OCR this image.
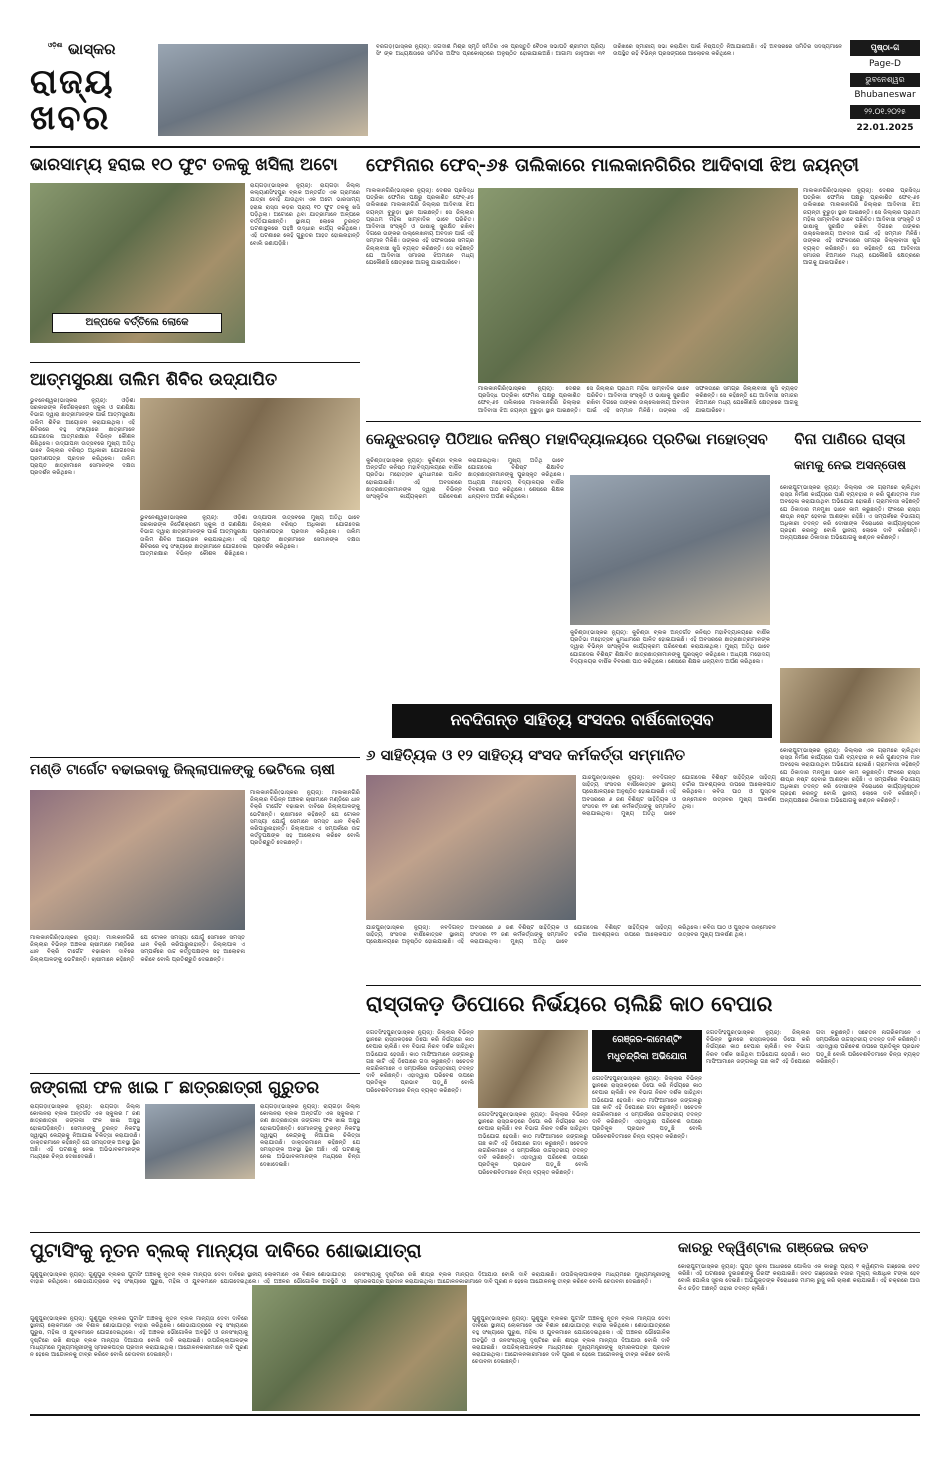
ଓଡ଼ିଶା ଭାସ୍କର
ରାଜ୍ୟ
ଖବର
ବରଗଡ଼(ଭାସ୍କର ନ୍ୟୁଜ୍): ଜଗଦୀଶ ମିଶ୍ର ସ୍ମୃତି ସମିତିର ଏକ ପ୍ରସ୍ତୁତି ବୈଠକ ସଭାପତି ଶ୍ରୀମତୀ ପ୍ରିୟା ସିଂ ଙ୍କ ଅଧ୍ୟକ୍ଷତାରେ ସମିତିର ଅଫିସ ପ୍ରକୋଷ୍ଠରେ ଅନୁଷ୍ଠିତ ହୋଇଯାଇଅଛି। ଆଗାମୀ ଜାନୁଆରୀ ୩୧ ତାରିଖରେ ସ୍ମାରୀୟ ସଭା କରାଯିବା ପାଇଁ ନିଷ୍ପତ୍ତି ନିଆଯାଇଅଛି। ଏହି ଅବସରରେ ସମିତିର ସଦସ୍ୟମାନେ ଉପସ୍ଥିତ ରହି ବିଭିନ୍ନ ପ୍ରସଙ୍ଗରେ ଆଲୋଚନା କରିଥିଲେ।
ପୃଷ୍ଠା-ଗ
Page-D
ଭୁବନେଶ୍ୱର
Bhubaneswar
୨୨.୦୧.୨୦୨୫
22.01.2025
ଭାରସାମ୍ୟ ହରାଇ ୧୦ ଫୁଟ ତଳକୁ ଖସିଲା ଅଟୋ
ଅଳ୍ପକେ ବର୍ତ୍ତିଲେ ଲୋକେ
ରାୟଗଡ଼ା(ଭାସ୍କର ନ୍ୟୁଜ୍): ରାୟଗଡ଼ା ଜିଲ୍ଲା କଲ୍ୟାଣସିଂହପୁର ବ୍ଲକ ଅନ୍ତର୍ଗତ ଏକ ଗ୍ରାମରେ ଯାତ୍ରୀ ବୋହି ଯାଉଥିବା ଏକ ଅଟୋ ଭାରସାମ୍ୟ ହରାଇ ରାସ୍ତା କଡ଼ର ପ୍ରାୟ ୧୦ ଫୁଟ ତଳକୁ ଖସି ପଡ଼ିଥିଲା। ଅଟୋରେ ଥିବା ଯାତ୍ରୀମାନେ ଅଳ୍ପକେ ବର୍ତ୍ତିଯାଇଛନ୍ତି। ସ୍ଥାନୀୟ ଲୋକେ ତୁରନ୍ତ ଘଟଣାସ୍ଥଳରେ ପହଞ୍ଚି ଉଦ୍ଧାର କାର୍ଯ୍ୟ କରିଥିଲେ। ଏହି ଘଟଣାରେ କେହି ଗୁରୁତର ଆହତ ହୋଇନାହାନ୍ତି ବୋଲି ଜଣାପଡ଼ିଛି।
ଆତ୍ମସୁରକ୍ଷା ତାଲିମ ଶିବିର ଉଦ୍‌ଯାପିତ
ଭୁବନେଶ୍ୱର(ଭାସ୍କର ନ୍ୟୁଜ୍): ଓଡ଼ିଶା ସରକାରଙ୍କ ନିର୍ଦ୍ଦେଶକ୍ରମେ ସ୍କୁଲ ଓ ଗଣଶିକ୍ଷା ବିଭାଗ ଦ୍ୱାରା ଛାତ୍ରୀମାନଙ୍କ ପାଇଁ ଆତ୍ମସୁରକ୍ଷା ତାଲିମ ଶିବିର ଆୟୋଜନ କରାଯାଇଥିଲା। ଏହି ଶିବିରରେ ବହୁ ସଂଖ୍ୟାରେ ଛାତ୍ରୀମାନେ ଯୋଗଦେଇ ଆତ୍ମରକ୍ଷାର ବିଭିନ୍ନ କୌଶଳ ଶିଖିଥିଲେ। ଉଦ୍‌ଯାପନୀ ଉତ୍ସବରେ ମୁଖ୍ୟ ଅତିଥି ଭାବେ ଜିଲ୍ଲାର ବରିଷ୍ଠ ଅଧିକାରୀ ଯୋଗଦେଇ ପ୍ରମାଣପତ୍ର ପ୍ରଦାନ କରିଥିଲେ। ତାଲିମ ପ୍ରାପ୍ତ ଛାତ୍ରୀମାନେ ସେମାନଙ୍କ ଦକ୍ଷତା ପ୍ରଦର୍ଶନ କରିଥିଲେ।
ଭୁବନେଶ୍ୱର(ଭାସ୍କର ନ୍ୟୁଜ୍): ଓଡ଼ିଶା ସରକାରଙ୍କ ନିର୍ଦ୍ଦେଶକ୍ରମେ ସ୍କୁଲ ଓ ଗଣଶିକ୍ଷା ବିଭାଗ ଦ୍ୱାରା ଛାତ୍ରୀମାନଙ୍କ ପାଇଁ ଆତ୍ମସୁରକ୍ଷା ତାଲିମ ଶିବିର ଆୟୋଜନ କରାଯାଇଥିଲା। ଏହି ଶିବିରରେ ବହୁ ସଂଖ୍ୟାରେ ଛାତ୍ରୀମାନେ ଯୋଗଦେଇ ଆତ୍ମରକ୍ଷାର ବିଭିନ୍ନ କୌଶଳ ଶିଖିଥିଲେ। ଉଦ୍‌ଯାପନୀ ଉତ୍ସବରେ ମୁଖ୍ୟ ଅତିଥି ଭାବେ ଜିଲ୍ଲାର ବରିଷ୍ଠ ଅଧିକାରୀ ଯୋଗଦେଇ ପ୍ରମାଣପତ୍ର ପ୍ରଦାନ କରିଥିଲେ। ତାଲିମ ପ୍ରାପ୍ତ ଛାତ୍ରୀମାନେ ସେମାନଙ୍କ ଦକ୍ଷତା ପ୍ରଦର୍ଶନ କରିଥିଲେ।
ମଣ୍ଡି ଟାର୍ଗେଟ ବଢାଇବାକୁ ଜିଲ୍ଲାପାଳଙ୍କୁ ଭେଟିଲେ ଚାଷୀ
ମାଲକାନଗିରି(ଭାସ୍କର ନ୍ୟୁଜ୍): ମାଲକାନଗିରି ଜିଲ୍ଲାର ବିଭିନ୍ନ ଅଞ୍ଚଳର ଚାଷୀମାନେ ମଣ୍ଡିରେ ଧାନ ବିକ୍ରି ଟାର୍ଗେଟ ବଢାଇବା ଦାବିରେ ଜିଲ୍ଲାପାଳଙ୍କୁ ଭେଟିଛନ୍ତି। ଚାଷୀମାନେ କହିଛନ୍ତି ଯେ ଟୋକନ ସମସ୍ୟା ଯୋଗୁଁ ସେମାନେ ସମସ୍ତ ଧାନ ବିକ୍ରି କରିପାରୁନାହାନ୍ତି। ଜିଲ୍ଲାପାଳ ଏ ସମ୍ପର୍କରେ ଉଚ୍ଚ କର୍ତ୍ତୃପକ୍ଷଙ୍କ ସହ ଆଲୋଚନା କରିବେ ବୋଲି ପ୍ରତିଶ୍ରୁତି ଦେଇଛନ୍ତି।
ମାଲକାନଗିରି(ଭାସ୍କର ନ୍ୟୁଜ୍): ମାଲକାନଗିରି ଜିଲ୍ଲାର ବିଭିନ୍ନ ଅଞ୍ଚଳର ଚାଷୀମାନେ ମଣ୍ଡିରେ ଧାନ ବିକ୍ରି ଟାର୍ଗେଟ ବଢାଇବା ଦାବିରେ ଜିଲ୍ଲାପାଳଙ୍କୁ ଭେଟିଛନ୍ତି। ଚାଷୀମାନେ କହିଛନ୍ତି ଯେ ଟୋକନ ସମସ୍ୟା ଯୋଗୁଁ ସେମାନେ ସମସ୍ତ ଧାନ ବିକ୍ରି କରିପାରୁନାହାନ୍ତି। ଜିଲ୍ଲାପାଳ ଏ ସମ୍ପର୍କରେ ଉଚ୍ଚ କର୍ତ୍ତୃପକ୍ଷଙ୍କ ସହ ଆଲୋଚନା କରିବେ ବୋଲି ପ୍ରତିଶ୍ରୁତି ଦେଇଛନ୍ତି।
ଜଙ୍ଗଲୀ ଫଳ ଖାଇ ୮ ଛାତ୍ରଛାତ୍ରୀ ଗୁରୁତର
ରାୟଗଡ଼ା(ଭାସ୍କର ନ୍ୟୁଜ୍): ରାୟଗଡ଼ା ଜିଲ୍ଲା କୋଲନରା ବ୍ଲକ ଅନ୍ତର୍ଗତ ଏକ ସ୍କୁଲର ୮ ଜଣ ଛାତ୍ରଛାତ୍ରୀ ଜଙ୍ଗଲୀ ଫଳ ଖାଇ ଅସୁସ୍ଥ ହୋଇପଡ଼ିଛନ୍ତି। ସେମାନଙ୍କୁ ତୁରନ୍ତ ନିକଟସ୍ଥ ସ୍ୱାସ୍ଥ୍ୟ କେନ୍ଦ୍ରକୁ ନିଆଯାଇ ଚିକିତ୍ସା କରାଯାଉଛି। ଡାକ୍ତରମାନେ କହିଛନ୍ତି ଯେ ସମସ୍ତଙ୍କ ଅବସ୍ଥା ସ୍ଥିର ଅଛି। ଏହି ଘଟଣାକୁ ନେଇ ଅଭିଭାବକମାନଙ୍କ ମଧ୍ୟରେ ଚିନ୍ତା ଦେଖାଦେଇଛି।
ରାୟଗଡ଼ା(ଭାସ୍କର ନ୍ୟୁଜ୍): ରାୟଗଡ଼ା ଜିଲ୍ଲା କୋଲନରା ବ୍ଲକ ଅନ୍ତର୍ଗତ ଏକ ସ୍କୁଲର ୮ ଜଣ ଛାତ୍ରଛାତ୍ରୀ ଜଙ୍ଗଲୀ ଫଳ ଖାଇ ଅସୁସ୍ଥ ହୋଇପଡ଼ିଛନ୍ତି। ସେମାନଙ୍କୁ ତୁରନ୍ତ ନିକଟସ୍ଥ ସ୍ୱାସ୍ଥ୍ୟ କେନ୍ଦ୍ରକୁ ନିଆଯାଇ ଚିକିତ୍ସା କରାଯାଉଛି। ଡାକ୍ତରମାନେ କହିଛନ୍ତି ଯେ ସମସ୍ତଙ୍କ ଅବସ୍ଥା ସ୍ଥିର ଅଛି। ଏହି ଘଟଣାକୁ ନେଇ ଅଭିଭାବକମାନଙ୍କ ମଧ୍ୟରେ ଚିନ୍ତା ଦେଖାଦେଇଛି।
ଫେମିନାର ଫେବ୍-୬୫ ତାଲିକାରେ ମାଲକାନଗିରିର ଆଦିବାସୀ ଝିଅ ଜୟନ୍ତୀ
ମାଲକାନଗିରି(ଭାସ୍କର ନ୍ୟୁଜ୍): ଦେଶର ପ୍ରସିଦ୍ଧ ପତ୍ରିକା ଫେମିନା ପକ୍ଷରୁ ପ୍ରକାଶିତ ଫେବ୍-୬୫ ତାଲିକାରେ ମାଲକାନଗିରି ଜିଲ୍ଲାର ଆଦିବାସୀ ଝିଅ ଜୟନ୍ତୀ ବୁରୁଡ଼ା ସ୍ଥାନ ପାଇଛନ୍ତି। ସେ ଜିଲ୍ଲାର ପ୍ରଥମ ମହିଳା ସାମ୍ବାଦିକ ଭାବେ ପରିଚିତ। ଆଦିବାସୀ ସଂସ୍କୃତି ଓ ଭାଷାକୁ ସୁରକ୍ଷିତ ରଖିବା ଦିଗରେ ତାଙ୍କର ଉଲ୍ଲେଖନୀୟ ଅବଦାନ ପାଇଁ ଏହି ସମ୍ମାନ ମିଳିଛି। ତାଙ୍କର ଏହି ସଫଳତାରେ ସମଗ୍ର ଜିଲ୍ଲାବାସୀ ଖୁସି ବ୍ୟକ୍ତ କରିଛନ୍ତି। ସେ କହିଛନ୍ତି ଯେ ଆଦିବାସୀ ସମାଜର ଝିଅମାନେ ମଧ୍ୟ ଯେକୌଣସି କ୍ଷେତ୍ରରେ ଆଗକୁ ଯାଇପାରିବେ।
ମାଲକାନଗିରି(ଭାସ୍କର ନ୍ୟୁଜ୍): ଦେଶର ପ୍ରସିଦ୍ଧ ପତ୍ରିକା ଫେମିନା ପକ୍ଷରୁ ପ୍ରକାଶିତ ଫେବ୍-୬୫ ତାଲିକାରେ ମାଲକାନଗିରି ଜିଲ୍ଲାର ଆଦିବାସୀ ଝିଅ ଜୟନ୍ତୀ ବୁରୁଡ଼ା ସ୍ଥାନ ପାଇଛନ୍ତି। ସେ ଜିଲ୍ଲାର ପ୍ରଥମ ମହିଳା ସାମ୍ବାଦିକ ଭାବେ ପରିଚିତ। ଆଦିବାସୀ ସଂସ୍କୃତି ଓ ଭାଷାକୁ ସୁରକ୍ଷିତ ରଖିବା ଦିଗରେ ତାଙ୍କର ଉଲ୍ଲେଖନୀୟ ଅବଦାନ ପାଇଁ ଏହି ସମ୍ମାନ ମିଳିଛି। ତାଙ୍କର ଏହି ସଫଳତାରେ ସମଗ୍ର ଜିଲ୍ଲାବାସୀ ଖୁସି ବ୍ୟକ୍ତ କରିଛନ୍ତି। ସେ କହିଛନ୍ତି ଯେ ଆଦିବାସୀ ସମାଜର ଝିଅମାନେ ମଧ୍ୟ ଯେକୌଣସି କ୍ଷେତ୍ରରେ ଆଗକୁ ଯାଇପାରିବେ।
ମାଲକାନଗିରି(ଭାସ୍କର ନ୍ୟୁଜ୍): ଦେଶର ପ୍ରସିଦ୍ଧ ପତ୍ରିକା ଫେମିନା ପକ୍ଷରୁ ପ୍ରକାଶିତ ଫେବ୍-୬୫ ତାଲିକାରେ ମାଲକାନଗିରି ଜିଲ୍ଲାର ଆଦିବାସୀ ଝିଅ ଜୟନ୍ତୀ ବୁରୁଡ଼ା ସ୍ଥାନ ପାଇଛନ୍ତି। ସେ ଜିଲ୍ଲାର ପ୍ରଥମ ମହିଳା ସାମ୍ବାଦିକ ଭାବେ ପରିଚିତ। ଆଦିବାସୀ ସଂସ୍କୃତି ଓ ଭାଷାକୁ ସୁରକ୍ଷିତ ରଖିବା ଦିଗରେ ତାଙ୍କର ଉଲ୍ଲେଖନୀୟ ଅବଦାନ ପାଇଁ ଏହି ସମ୍ମାନ ମିଳିଛି। ତାଙ୍କର ଏହି ସଫଳତାରେ ସମଗ୍ର ଜିଲ୍ଲାବାସୀ ଖୁସି ବ୍ୟକ୍ତ କରିଛନ୍ତି। ସେ କହିଛନ୍ତି ଯେ ଆଦିବାସୀ ସମାଜର ଝିଅମାନେ ମଧ୍ୟ ଯେକୌଣସି କ୍ଷେତ୍ରରେ ଆଗକୁ ଯାଇପାରିବେ।
କେନ୍ଦୁଝରଗଡ଼ ପିଠିଆର କନିଷ୍ଠ ମହାବିଦ୍ୟାଳୟରେ ପ୍ରତିଭା ମହୋତ୍ସବ
କୁଚିଣ୍ଡା(ଭାସ୍କର ନ୍ୟୁଜ୍): କୁଚିଣ୍ଡା ବ୍ଲକ ଅନ୍ତର୍ଗତ କନିଷ୍ଠ ମହାବିଦ୍ୟାଳୟରେ ବାର୍ଷିକ ପ୍ରତିଭା ମହୋତ୍ସବ ଧୁମଧାମରେ ପାଳିତ ହୋଇଯାଇଛି। ଏହି ଅବସରରେ ଛାତ୍ରଛାତ୍ରୀମାନଙ୍କ ଦ୍ୱାରା ବିଭିନ୍ନ ସାଂସ୍କୃତିକ କାର୍ଯ୍ୟକ୍ରମ ପରିବେଷଣ କରାଯାଇଥିଲା। ମୁଖ୍ୟ ଅତିଥି ଭାବେ ଯୋଗଦେଇ ବିଶିଷ୍ଟ ଶିକ୍ଷାବିତ ଛାତ୍ରଛାତ୍ରୀମାନଙ୍କୁ ପୁରସ୍କୃତ କରିଥିଲେ। ଅଧ୍ୟକ୍ଷ ମହୋଦୟ ବିଦ୍ୟାଳୟର ବାର୍ଷିକ ବିବରଣୀ ପାଠ କରିଥିଲେ। ଶେଷରେ ଶିକ୍ଷକ ଧନ୍ୟବାଦ ଅର୍ପଣ କରିଥିଲେ।
କୁଚିଣ୍ଡା(ଭାସ୍କର ନ୍ୟୁଜ୍): କୁଚିଣ୍ଡା ବ୍ଲକ ଅନ୍ତର୍ଗତ କନିଷ୍ଠ ମହାବିଦ୍ୟାଳୟରେ ବାର୍ଷିକ ପ୍ରତିଭା ମହୋତ୍ସବ ଧୁମଧାମରେ ପାଳିତ ହୋଇଯାଇଛି। ଏହି ଅବସରରେ ଛାତ୍ରଛାତ୍ରୀମାନଙ୍କ ଦ୍ୱାରା ବିଭିନ୍ନ ସାଂସ୍କୃତିକ କାର୍ଯ୍ୟକ୍ରମ ପରିବେଷଣ କରାଯାଇଥିଲା। ମୁଖ୍ୟ ଅତିଥି ଭାବେ ଯୋଗଦେଇ ବିଶିଷ୍ଟ ଶିକ୍ଷାବିତ ଛାତ୍ରଛାତ୍ରୀମାନଙ୍କୁ ପୁରସ୍କୃତ କରିଥିଲେ। ଅଧ୍ୟକ୍ଷ ମହୋଦୟ ବିଦ୍ୟାଳୟର ବାର୍ଷିକ ବିବରଣୀ ପାଠ କରିଥିଲେ। ଶେଷରେ ଶିକ୍ଷକ ଧନ୍ୟବାଦ ଅର୍ପଣ କରିଥିଲେ।
ବିନା ପାଣିରେ ରାସ୍ତା
କାମକୁ ନେଇ ଅସନ୍ତୋଷ
କୋରାପୁଟ(ଭାସ୍କର ନ୍ୟୁଜ୍): ଜିଲ୍ଲାର ଏକ ଗ୍ରାମରେ ଚାଲିଥିବା ରାସ୍ତା ନିର୍ମାଣ କାର୍ଯ୍ୟରେ ପାଣି ବ୍ୟବହାର ନ କରି ଗୁଣାତ୍ମକ ମାନ ଅବହେଳା କରାଯାଉଥିବା ଅଭିଯୋଗ ହୋଇଛି। ଗ୍ରାମବାସୀ କହିଛନ୍ତି ଯେ ଠିକାଦାର ମନମୁଖୀ ଭାବେ କାମ କରୁଛନ୍ତି। ଫଳରେ ରାସ୍ତା ଶୀଘ୍ର ନଷ୍ଟ ହେବାର ଆଶଙ୍କା ରହିଛି। ଏ ସମ୍ପର୍କରେ ବିଭାଗୀୟ ଅଧିକାରୀ ତଦନ୍ତ କରି ଦୋଷୀଙ୍କ ବିରୋଧରେ କାର୍ଯ୍ୟାନୁଷ୍ଠାନ ଗ୍ରହଣ କରନ୍ତୁ ବୋଲି ସ୍ଥାନୀୟ ଲୋକେ ଦାବି କରିଛନ୍ତି। ଅନ୍ୟପକ୍ଷରେ ଠିକାଦାର ଅଭିଯୋଗକୁ ଖଣ୍ଡନ କରିଛନ୍ତି।
ନବଦିଗନ୍ତ ସାହିତ୍ୟ ସଂସଦର ବାର୍ଷିକୋତ୍ସବ
୬ ସାହିତ୍ୟିକ ଓ ୧୨ ସାହିତ୍ୟ ସଂସଦ କର୍ମକର୍ତ୍ତା ସମ୍ମାନିତ
ଯାଜପୁର(ଭାସ୍କର ନ୍ୟୁଜ୍): ନବଦିଗନ୍ତ ସାହିତ୍ୟ ସଂସଦର ବାର୍ଷିକୋତ୍ସବ ସ୍ଥାନୀୟ ପ୍ରେକ୍ଷାଳୟରେ ଅନୁଷ୍ଠିତ ହୋଇଯାଇଛି। ଏହି ଅବସରରେ ୬ ଜଣ ବିଶିଷ୍ଟ ସାହିତ୍ୟିକ ଓ ସଂସଦର ୧୨ ଜଣ କର୍ମକର୍ତ୍ତାଙ୍କୁ ସମ୍ମାନିତ କରାଯାଇଥିଲା। ମୁଖ୍ୟ ଅତିଥି ଭାବେ ଯୋଗଦେଇ ବିଶିଷ୍ଟ ସାହିତ୍ୟିକ ସାହିତ୍ୟ ଚର୍ଚ୍ଚାର ଆବଶ୍ୟକତା ଉପରେ ଆଲୋକପାତ କରିଥିଲେ। କବିତା ପାଠ ଓ ପୁସ୍ତକ ଉନ୍ମୋଚନ ଉତ୍ସବର ମୁଖ୍ୟ ଆକର୍ଷଣ ଥିଲା।
ଯାଜପୁର(ଭାସ୍କର ନ୍ୟୁଜ୍): ନବଦିଗନ୍ତ ସାହିତ୍ୟ ସଂସଦର ବାର୍ଷିକୋତ୍ସବ ସ୍ଥାନୀୟ ପ୍ରେକ୍ଷାଳୟରେ ଅନୁଷ୍ଠିତ ହୋଇଯାଇଛି। ଏହି ଅବସରରେ ୬ ଜଣ ବିଶିଷ୍ଟ ସାହିତ୍ୟିକ ଓ ସଂସଦର ୧୨ ଜଣ କର୍ମକର୍ତ୍ତାଙ୍କୁ ସମ୍ମାନିତ କରାଯାଇଥିଲା। ମୁଖ୍ୟ ଅତିଥି ଭାବେ ଯୋଗଦେଇ ବିଶିଷ୍ଟ ସାହିତ୍ୟିକ ସାହିତ୍ୟ ଚର୍ଚ୍ଚାର ଆବଶ୍ୟକତା ଉପରେ ଆଲୋକପାତ କରିଥିଲେ। କବିତା ପାଠ ଓ ପୁସ୍ତକ ଉନ୍ମୋଚନ ଉତ୍ସବର ମୁଖ୍ୟ ଆକର୍ଷଣ ଥିଲା।
କୋରାପୁଟ(ଭାସ୍କର ନ୍ୟୁଜ୍): ଜିଲ୍ଲାର ଏକ ଗ୍ରାମରେ ଚାଲିଥିବା ରାସ୍ତା ନିର୍ମାଣ କାର୍ଯ୍ୟରେ ପାଣି ବ୍ୟବହାର ନ କରି ଗୁଣାତ୍ମକ ମାନ ଅବହେଳା କରାଯାଉଥିବା ଅଭିଯୋଗ ହୋଇଛି। ଗ୍ରାମବାସୀ କହିଛନ୍ତି ଯେ ଠିକାଦାର ମନମୁଖୀ ଭାବେ କାମ କରୁଛନ୍ତି। ଫଳରେ ରାସ୍ତା ଶୀଘ୍ର ନଷ୍ଟ ହେବାର ଆଶଙ୍କା ରହିଛି। ଏ ସମ୍ପର୍କରେ ବିଭାଗୀୟ ଅଧିକାରୀ ତଦନ୍ତ କରି ଦୋଷୀଙ୍କ ବିରୋଧରେ କାର୍ଯ୍ୟାନୁଷ୍ଠାନ ଗ୍ରହଣ କରନ୍ତୁ ବୋଲି ସ୍ଥାନୀୟ ଲୋକେ ଦାବି କରିଛନ୍ତି। ଅନ୍ୟପକ୍ଷରେ ଠିକାଦାର ଅଭିଯୋଗକୁ ଖଣ୍ଡନ କରିଛନ୍ତି।
ରାସ୍ତାକଡ଼ ଡିପୋରେ ନିର୍ଭୟରେ ଚାଲିଛି କାଠ ବେପାର
ଜଗତସିଂହପୁର(ଭାସ୍କର ନ୍ୟୁଜ୍): ଜିଲ୍ଲାର ବିଭିନ୍ନ ସ୍ଥାନରେ ରାସ୍ତାକଡ଼ରେ ଡିପୋ କରି ନିର୍ଭୟରେ କାଠ ବେପାର ଚାଲିଛି। ବନ ବିଭାଗ ନିରବ ଦର୍ଶକ ସାଜିଥିବା ଅଭିଯୋଗ ହେଉଛି। କାଠ ମାଫିଆମାନେ ଜଙ୍ଗଲରୁ ଗଛ କାଟି ଏହି ଡିପୋରେ ଗଦା କରୁଛନ୍ତି। ସଚେତନ ନାଗରିକମାନେ ଏ ସମ୍ପର୍କରେ ଉଚ୍ଚସ୍ତରୀୟ ତଦନ୍ତ ଦାବି କରିଛନ୍ତି। ଏହାଦ୍ୱାରା ପରିବେଶ ଉପରେ ପ୍ରତିକୂଳ ପ୍ରଭାବ ପଡ଼ୁଛି ବୋଲି ପରିବେଶବିତମାନେ ଚିନ୍ତା ବ୍ୟକ୍ତ କରିଛନ୍ତି।
ଜଗତସିଂହପୁର(ଭାସ୍କର ନ୍ୟୁଜ୍): ଜିଲ୍ଲାର ବିଭିନ୍ନ ସ୍ଥାନରେ ରାସ୍ତାକଡ଼ରେ ଡିପୋ କରି ନିର୍ଭୟରେ କାଠ ବେପାର ଚାଲିଛି। ବନ ବିଭାଗ ନିରବ ଦର୍ଶକ ସାଜିଥିବା ଅଭିଯୋଗ ହେଉଛି। କାଠ ମାଫିଆମାନେ ଜଙ୍ଗଲରୁ ଗଛ କାଟି ଏହି ଡିପୋରେ ଗଦା କରୁଛନ୍ତି। ସଚେତନ ନାଗରିକମାନେ ଏ ସମ୍ପର୍କରେ ଉଚ୍ଚସ୍ତରୀୟ ତଦନ୍ତ ଦାବି କରିଛନ୍ତି। ଏହାଦ୍ୱାରା ପରିବେଶ ଉପରେ ପ୍ରତିକୂଳ ପ୍ରଭାବ ପଡ଼ୁଛି ବୋଲି ପରିବେଶବିତମାନେ ଚିନ୍ତା ବ୍ୟକ୍ତ କରିଛନ୍ତି।
ରେଞ୍ଜର-କାମେଣ୍ଟିଂ
ମଧୁଚନ୍ଦ୍ରିକା ଅଭିଯୋଗ
ଜଗତସିଂହପୁର(ଭାସ୍କର ନ୍ୟୁଜ୍): ଜିଲ୍ଲାର ବିଭିନ୍ନ ସ୍ଥାନରେ ରାସ୍ତାକଡ଼ରେ ଡିପୋ କରି ନିର୍ଭୟରେ କାଠ ବେପାର ଚାଲିଛି। ବନ ବିଭାଗ ନିରବ ଦର୍ଶକ ସାଜିଥିବା ଅଭିଯୋଗ ହେଉଛି। କାଠ ମାଫିଆମାନେ ଜଙ୍ଗଲରୁ ଗଛ କାଟି ଏହି ଡିପୋରେ ଗଦା କରୁଛନ୍ତି। ସଚେତନ ନାଗରିକମାନେ ଏ ସମ୍ପର୍କରେ ଉଚ୍ଚସ୍ତରୀୟ ତଦନ୍ତ ଦାବି କରିଛନ୍ତି। ଏହାଦ୍ୱାରା ପରିବେଶ ଉପରେ ପ୍ରତିକୂଳ ପ୍ରଭାବ ପଡ଼ୁଛି ବୋଲି ପରିବେଶବିତମାନେ ଚିନ୍ତା ବ୍ୟକ୍ତ କରିଛନ୍ତି।
ଜଗତସିଂହପୁର(ଭାସ୍କର ନ୍ୟୁଜ୍): ଜିଲ୍ଲାର ବିଭିନ୍ନ ସ୍ଥାନରେ ରାସ୍ତାକଡ଼ରେ ଡିପୋ କରି ନିର୍ଭୟରେ କାଠ ବେପାର ଚାଲିଛି। ବନ ବିଭାଗ ନିରବ ଦର୍ଶକ ସାଜିଥିବା ଅଭିଯୋଗ ହେଉଛି। କାଠ ମାଫିଆମାନେ ଜଙ୍ଗଲରୁ ଗଛ କାଟି ଏହି ଡିପୋରେ ଗଦା କରୁଛନ୍ତି। ସଚେତନ ନାଗରିକମାନେ ଏ ସମ୍ପର୍କରେ ଉଚ୍ଚସ୍ତରୀୟ ତଦନ୍ତ ଦାବି କରିଛନ୍ତି। ଏହାଦ୍ୱାରା ପରିବେଶ ଉପରେ ପ୍ରତିକୂଳ ପ୍ରଭାବ ପଡ଼ୁଛି ବୋଲି ପରିବେଶବିତମାନେ ଚିନ୍ତା ବ୍ୟକ୍ତ କରିଛନ୍ତି।
ପୁଟାସିଂକୁ ନୂତନ ବ୍ଲକ୍ ମାନ୍ୟତା ଦାବିରେ ଶୋଭାଯାତ୍ରା
ଗୁଣୁପୁର(ଭାସ୍କର ନ୍ୟୁଜ୍): ଗୁଣୁପୁର ବ୍ଲକର ପୁଟାସିଂ ଅଞ୍ଚଳକୁ ନୂତନ ବ୍ଲକ ମାନ୍ୟତା ଦେବା ଦାବିରେ ସ୍ଥାନୀୟ ଲୋକମାନେ ଏକ ବିଶାଳ ଶୋଭାଯାତ୍ରା ବାହାର କରିଥିଲେ। ଶୋଭାଯାତ୍ରାରେ ବହୁ ସଂଖ୍ୟାରେ ପୁରୁଷ, ମହିଳା ଓ ଯୁବକମାନେ ଯୋଗଦେଇଥିଲେ। ଏହି ଅଞ୍ଚଳର ଭୌଗୋଳିକ ଅବସ୍ଥିତି ଓ ଜନସଂଖ୍ୟାକୁ ଦୃଷ୍ଟିରେ ରଖି ଶୀଘ୍ର ବ୍ଲକ ମାନ୍ୟତା ଦିଆଯାଉ ବୋଲି ଦାବି କରାଯାଇଛି। ଉପଜିଲ୍ଲାପାଳଙ୍କ ମାଧ୍ୟମରେ ମୁଖ୍ୟମନ୍ତ୍ରୀଙ୍କୁ ସ୍ମାରକପତ୍ର ପ୍ରଦାନ କରାଯାଇଥିଲା। ଆନ୍ଦୋଳନକାରୀମାନେ ଦାବି ପୂରଣ ନ ହେଲେ ଆନ୍ଦୋଳନକୁ ତୀବ୍ର କରିବେ ବୋଲି ଚେତାବନୀ ଦେଇଛନ୍ତି।
ଗୁଣୁପୁର(ଭାସ୍କର ନ୍ୟୁଜ୍): ଗୁଣୁପୁର ବ୍ଲକର ପୁଟାସିଂ ଅଞ୍ଚଳକୁ ନୂତନ ବ୍ଲକ ମାନ୍ୟତା ଦେବା ଦାବିରେ ସ୍ଥାନୀୟ ଲୋକମାନେ ଏକ ବିଶାଳ ଶୋଭାଯାତ୍ରା ବାହାର କରିଥିଲେ। ଶୋଭାଯାତ୍ରାରେ ବହୁ ସଂଖ୍ୟାରେ ପୁରୁଷ, ମହିଳା ଓ ଯୁବକମାନେ ଯୋଗଦେଇଥିଲେ। ଏହି ଅଞ୍ଚଳର ଭୌଗୋଳିକ ଅବସ୍ଥିତି ଓ ଜନସଂଖ୍ୟାକୁ ଦୃଷ୍ଟିରେ ରଖି ଶୀଘ୍ର ବ୍ଲକ ମାନ୍ୟତା ଦିଆଯାଉ ବୋଲି ଦାବି କରାଯାଇଛି। ଉପଜିଲ୍ଲାପାଳଙ୍କ ମାଧ୍ୟମରେ ମୁଖ୍ୟମନ୍ତ୍ରୀଙ୍କୁ ସ୍ମାରକପତ୍ର ପ୍ରଦାନ କରାଯାଇଥିଲା। ଆନ୍ଦୋଳନକାରୀମାନେ ଦାବି ପୂରଣ ନ ହେଲେ ଆନ୍ଦୋଳନକୁ ତୀବ୍ର କରିବେ ବୋଲି ଚେତାବନୀ ଦେଇଛନ୍ତି।
ଗୁଣୁପୁର(ଭାସ୍କର ନ୍ୟୁଜ୍): ଗୁଣୁପୁର ବ୍ଲକର ପୁଟାସିଂ ଅଞ୍ଚଳକୁ ନୂତନ ବ୍ଲକ ମାନ୍ୟତା ଦେବା ଦାବିରେ ସ୍ଥାନୀୟ ଲୋକମାନେ ଏକ ବିଶାଳ ଶୋଭାଯାତ୍ରା ବାହାର କରିଥିଲେ। ଶୋଭାଯାତ୍ରାରେ ବହୁ ସଂଖ୍ୟାରେ ପୁରୁଷ, ମହିଳା ଓ ଯୁବକମାନେ ଯୋଗଦେଇଥିଲେ। ଏହି ଅଞ୍ଚଳର ଭୌଗୋଳିକ ଅବସ୍ଥିତି ଓ ଜନସଂଖ୍ୟାକୁ ଦୃଷ୍ଟିରେ ରଖି ଶୀଘ୍ର ବ୍ଲକ ମାନ୍ୟତା ଦିଆଯାଉ ବୋଲି ଦାବି କରାଯାଇଛି। ଉପଜିଲ୍ଲାପାଳଙ୍କ ମାଧ୍ୟମରେ ମୁଖ୍ୟମନ୍ତ୍ରୀଙ୍କୁ ସ୍ମାରକପତ୍ର ପ୍ରଦାନ କରାଯାଇଥିଲା। ଆନ୍ଦୋଳନକାରୀମାନେ ଦାବି ପୂରଣ ନ ହେଲେ ଆନ୍ଦୋଳନକୁ ତୀବ୍ର କରିବେ ବୋଲି ଚେତାବନୀ ଦେଇଛନ୍ତି।
କାରରୁ ୧କ୍ୱିଣ୍ଟାଲ ଗଞ୍ଜେଇ ଜବତ
କୋରାପୁଟ(ଭାସ୍କର ନ୍ୟୁଜ୍): ଗୁପ୍ତ ସୂଚନା ଆଧାରରେ ପୋଲିସ ଏକ କାରରୁ ପ୍ରାୟ ୧ କ୍ୱିଣ୍ଟାଲ ଗଞ୍ଜେଇ ଜବତ କରିଛି। ଏହି ଘଟଣାରେ ଦୁଇଜଣଙ୍କୁ ଗିରଫ କରାଯାଇଛି। ଜବତ ଗଞ୍ଜେଇର ବଜାର ମୂଲ୍ୟ ଲକ୍ଷାଧିକ ଟଙ୍କା ହେବ ବୋଲି ପୋଲିସ ସୂଚନା ଦେଇଛି। ଅଭିଯୁକ୍ତଙ୍କ ବିରୋଧରେ ମାମଲା ରୁଜୁ କରି ଚାଲାଣ କରାଯାଇଛି। ଏହି ଚକ୍ରରେ ଆଉ କିଏ ଜଡ଼ିତ ଅଛନ୍ତି ତାହାର ତଦନ୍ତ ଚାଲିଛି।
